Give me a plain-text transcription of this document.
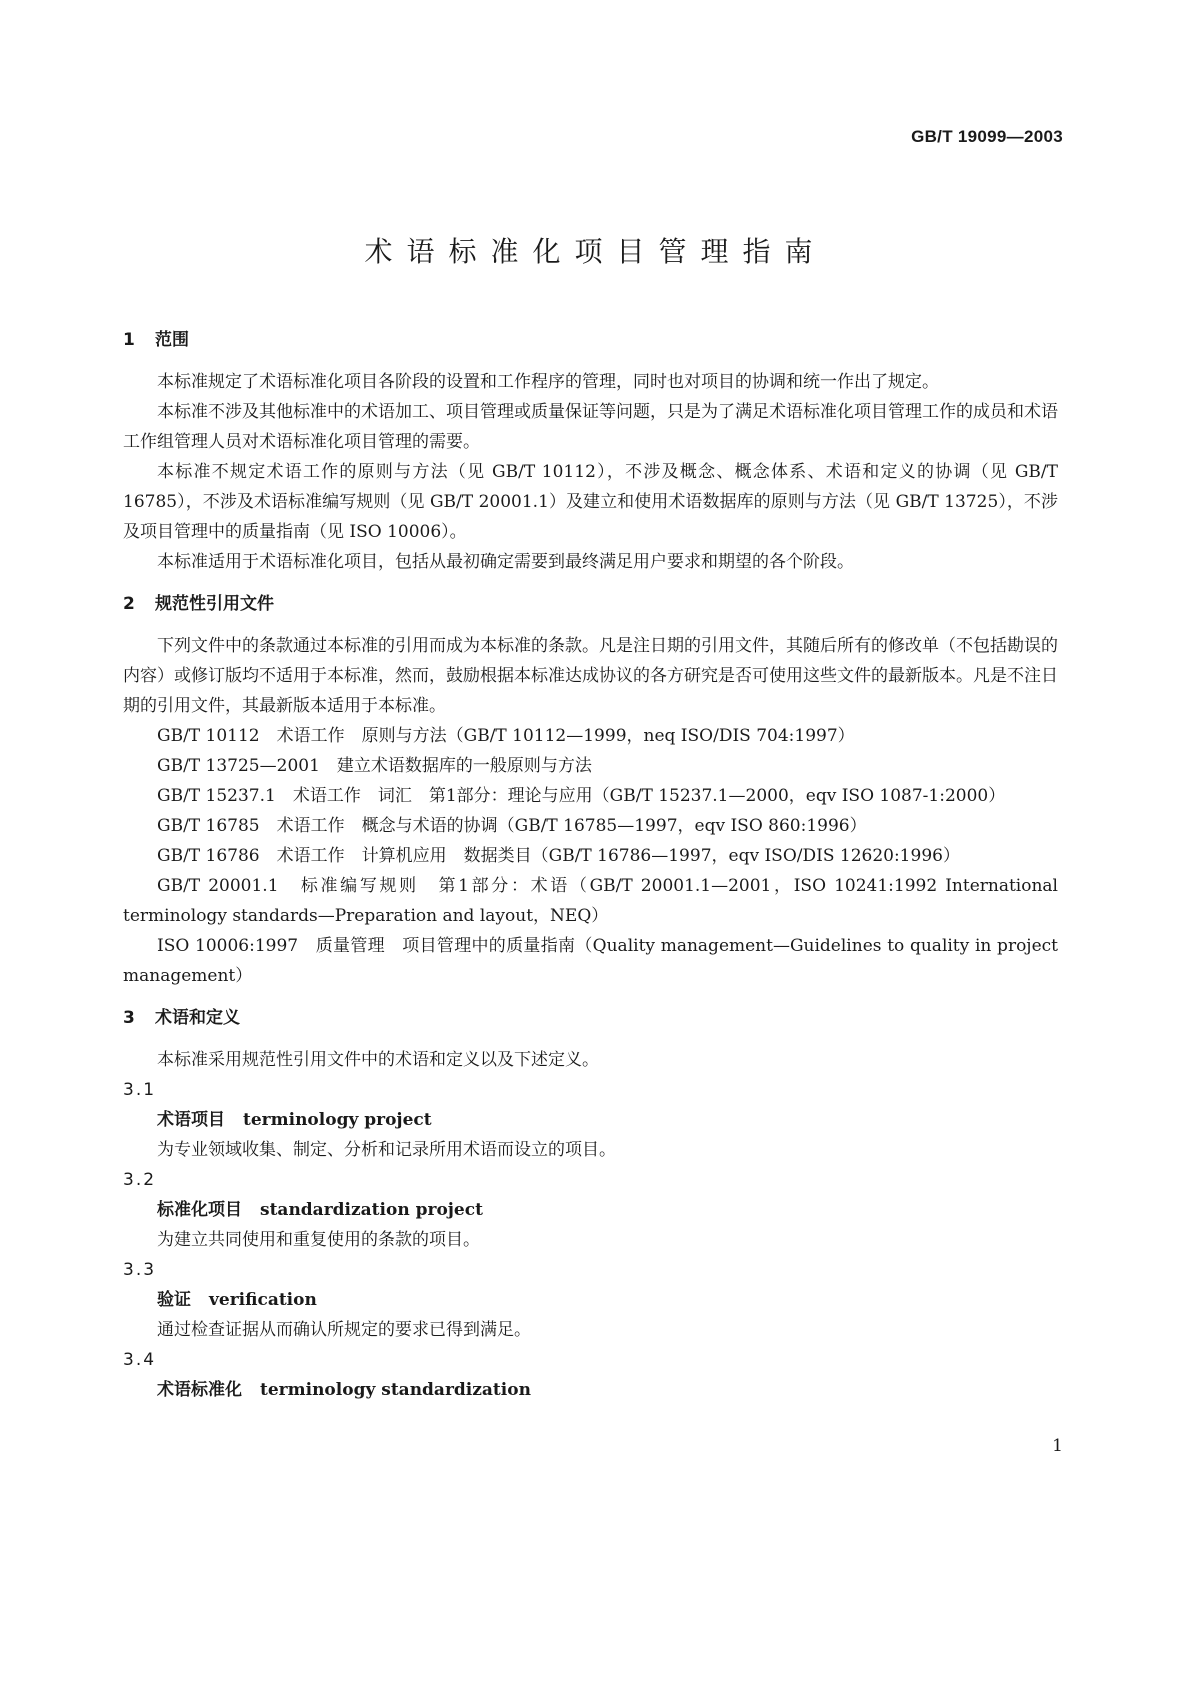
GB/T 19099—2003
术语标准化项目管理指南
1 范围

本标准规定了术语标准化项目各阶段的设置和工作程序的管理，同时也对项目的协调和统一作出了规定。

本标准不涉及其他标准中的术语加工、项目管理或质量保证等问题，只是为了满足术语标准化项目管理工作的成员和术语工作组管理人员对术语标准化项目管理的需要。

本标准不规定术语工作的原则与方法（见 GB/T 10112），不涉及概念、概念体系、术语和定义的协调（见 GB/T 16785），不涉及术语标准编写规则（见 GB/T 20001.1）及建立和使用术语数据库的原则与方法（见 GB/T 13725），不涉及项目管理中的质量指南（见 ISO 10006）。

本标准适用于术语标准化项目，包括从最初确定需要到最终满足用户要求和期望的各个阶段。

2 规范性引用文件

下列文件中的条款通过本标准的引用而成为本标准的条款。凡是注日期的引用文件，其随后所有的修改单（不包括勘误的内容）或修订版均不适用于本标准，然而，鼓励根据本标准达成协议的各方研究是否可使用这些文件的最新版本。凡是不注日期的引用文件，其最新版本适用于本标准。

GB/T 10112　术语工作　原则与方法（GB/T 10112—1999，neq ISO/DIS 704:1997）

GB/T 13725—2001　建立术语数据库的一般原则与方法

GB/T 15237.1　术语工作　词汇　第1部分：理论与应用（GB/T 15237.1—2000，eqv ISO 1087-1:2000）

GB/T 16785　术语工作　概念与术语的协调（GB/T 16785—1997，eqv ISO 860:1996）

GB/T 16786　术语工作　计算机应用　数据类目（GB/T 16786—1997，eqv ISO/DIS 12620:1996）

GB/T 20001.1　标准编写规则　第1部分：术语（GB/T 20001.1—2001，ISO 10241:1992 International terminology standards—Preparation and layout，NEQ）

ISO 10006:1997　质量管理　项目管理中的质量指南（Quality management—Guidelines to quality in project management）

3 术语和定义

本标准采用规范性引用文件中的术语和定义以及下述定义。

3.1

术语项目 terminology project

为专业领域收集、制定、分析和记录所用术语而设立的项目。

3.2

标准化项目 standardization project

为建立共同使用和重复使用的条款的项目。

3.3

验证 verification

通过检查证据从而确认所规定的要求已得到满足。

3.4

术语标准化 terminology standardization

1
